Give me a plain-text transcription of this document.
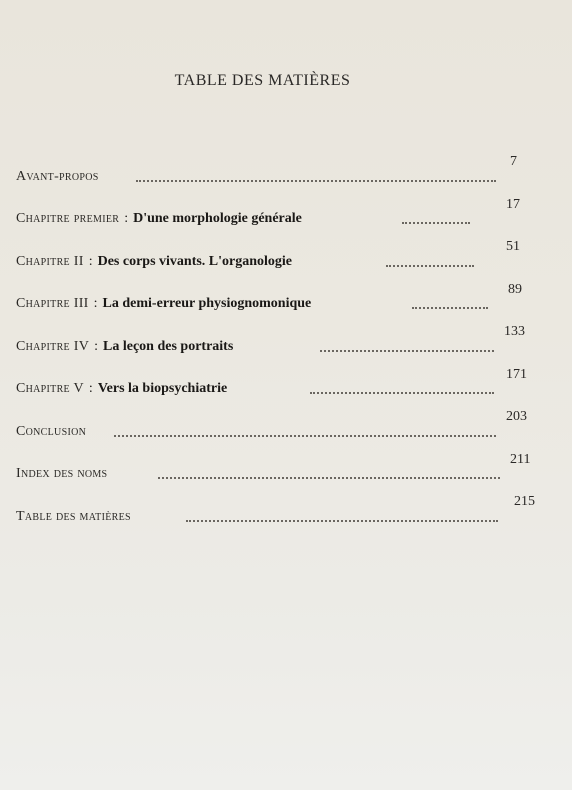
TABLE DES MATIÈRES
Avant-propos
7
Chapitre premier : D'une morphologie générale
17
Chapitre II : Des corps vivants. L'organologie
51
Chapitre III : La demi-erreur physiognomonique
89
Chapitre IV : La leçon des portraits
133
Chapitre V : Vers la biopsychiatrie
171
Conclusion
203
Index des noms
211
Table des matières
215
